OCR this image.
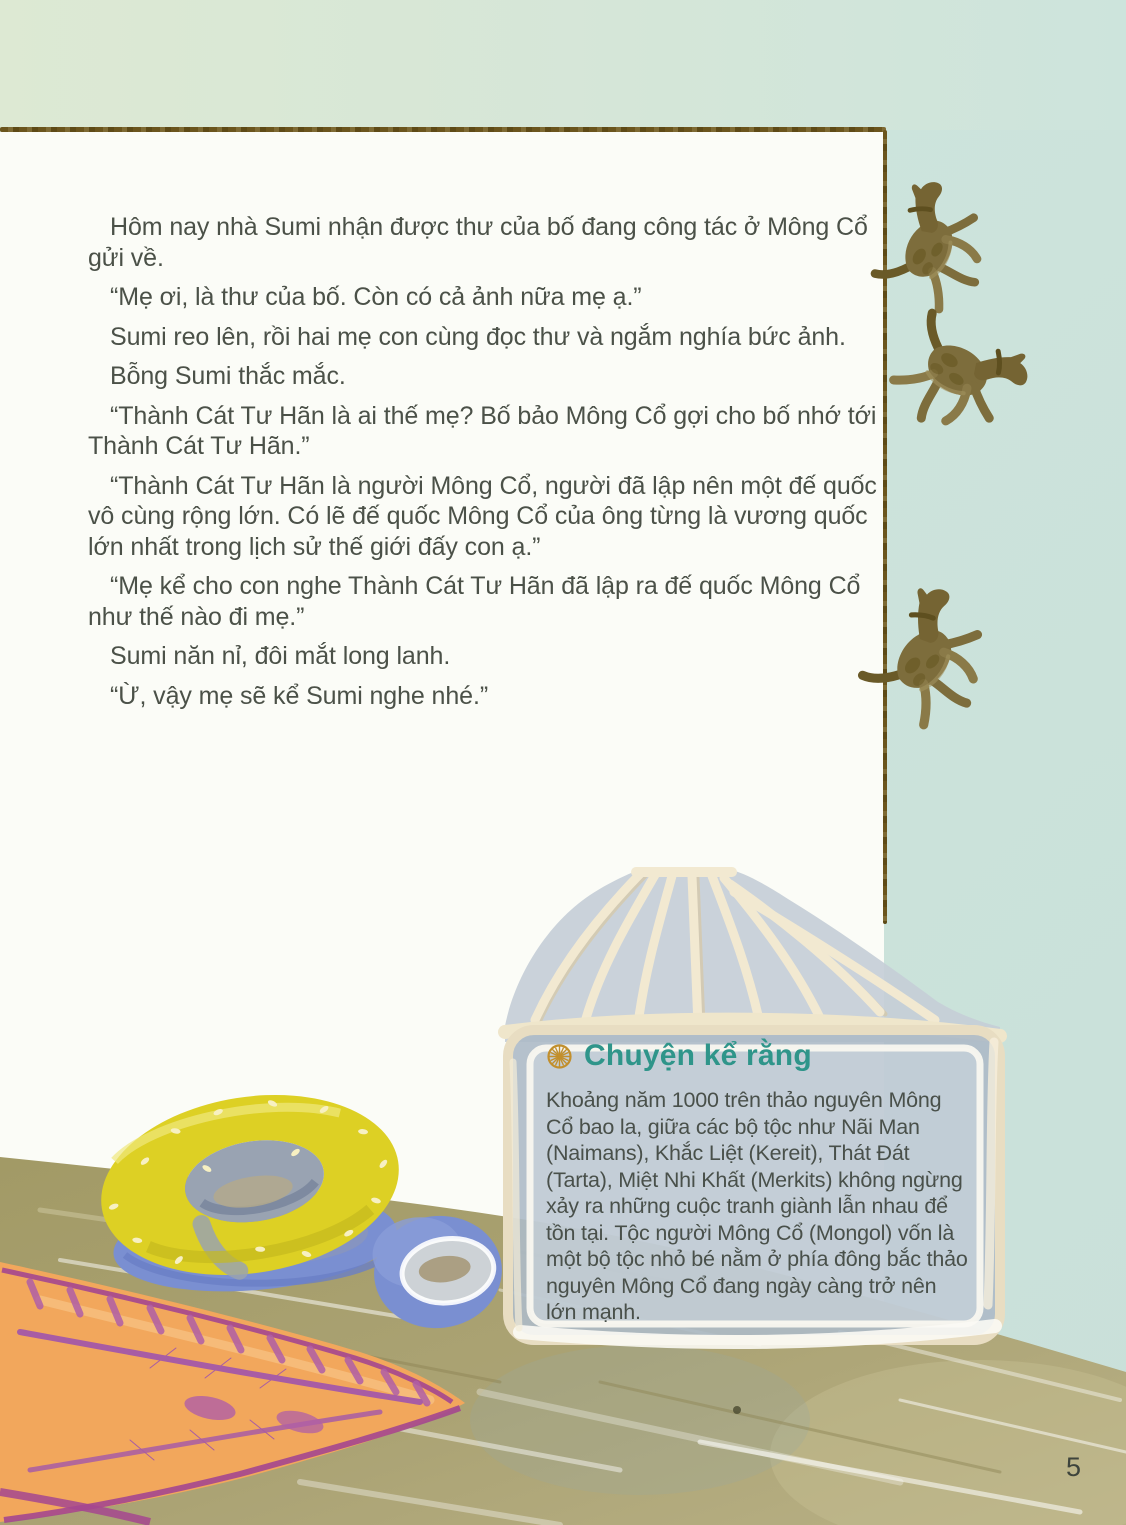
Hôm nay nhà Sumi nhận được thư của bố đang công tác ở Mông Cổ gửi về.

“Mẹ ơi, là thư của bố. Còn có cả ảnh nữa mẹ ạ.”

Sumi reo lên, rồi hai mẹ con cùng đọc thư và ngắm nghía bức ảnh.

Bỗng Sumi thắc mắc.

“Thành Cát Tư Hãn là ai thế mẹ? Bố bảo Mông Cổ gợi cho bố nhớ tới Thành Cát Tư Hãn.”

“Thành Cát Tư Hãn là người Mông Cổ, người đã lập nên một đế quốc vô cùng rộng lớn. Có lẽ đế quốc Mông Cổ của ông từng là vương quốc lớn nhất trong lịch sử thế giới đấy con ạ.”

“Mẹ kể cho con nghe Thành Cát Tư Hãn đã lập ra đế quốc Mông Cổ như thế nào đi mẹ.”

Sumi năn nỉ, đôi mắt long lanh.

“Ừ, vậy mẹ sẽ kể Sumi nghe nhé.”

Chuyện kể rằng

Khoảng năm 1000 trên thảo nguyên Mông Cổ bao la, giữa các bộ tộc như Nãi Man (Naimans), Khắc Liệt (Kereit), Thát Đát (Tarta), Miệt Nhi Khất (Merkits) không ngừng xảy ra những cuộc tranh giành lẫn nhau để tồn tại. Tộc người Mông Cổ (Mongol) vốn là một bộ tộc nhỏ bé nằm ở phía đông bắc thảo nguyên Mông Cổ đang ngày càng trở nên lớn mạnh.

5
